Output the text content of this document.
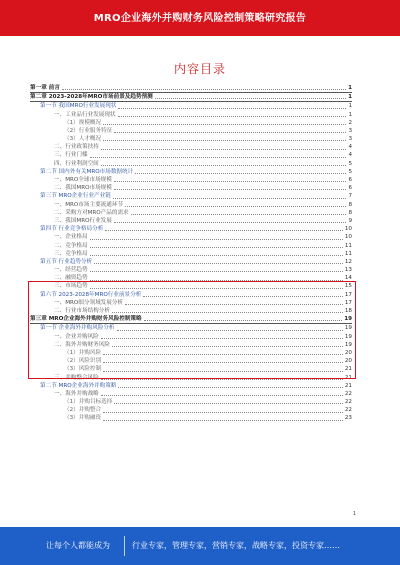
MRO企业海外并购财务风险控制策略研究报告
内容目录
第一章 前言	1
第二章 2023-2028年MRO市场前景及趋势预测	1
第一节 我国MRO行业发展现状	1
一、工业品行业发展现状	1
（1）规模概况	2
（2）行业服务特征	3
（3）人才概况	3
二、行业政策扶持	4
三、行业门槛	4
四、行业利润空间	5
第二节 国内外有关MRO市场数据统计	5
一、MRO全球市场规模	6
二、我国MRO市场规模	6
第三节 MRO企业行业产业链	7
一、MRO市场主要流通环节	8
二、采购方对MRO产品的需求	8
三、我国MRO行业发展	9
第四节 行业竞争格局分析	10
一、企业格局	10
二、竞争格局	11
三、竞争格局	11
第五节 行业趋势分析	12
一、经营趋势	13
二、融资趋势	14
三、市场趋势	15
第六节 2023-2028年MRO行业前景分析	17
一、MRO细分领域发展分析	17
二、行业市场结构分析	18
第三章 MRO企业海外并购财务风险控制策略	19
第一节 企业海外并购风险分析	19
一、企业并购风险	19
二、海外并购财务风险	19
（1）并购风险	20
（2）风险识别	20
（3）风险控制	21
三、并购整合风险	21
第二节 MRO企业海外并购策略	21
一、海外并购战略	22
（1）并购目标选择	22
（2）并购整合	22
（3）并购融资	23
1
让每个人都能成为	行业专家，管理专家，营销专家，战略专家，投资专家……
